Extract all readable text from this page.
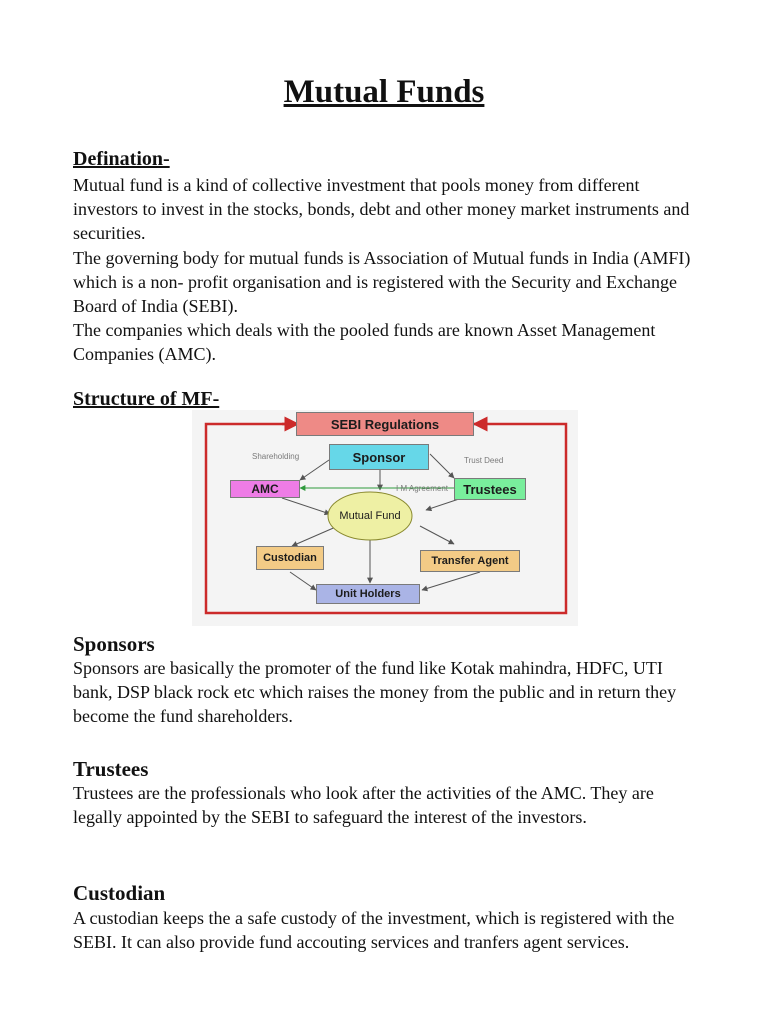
Mutual Funds
Defination-

Mutual fund is a kind of collective investment that pools money from different investors to invest in the stocks, bonds, debt and other money market instruments and securities.
The governing body for mutual funds is Association of Mutual funds in India (AMFI) which is a non- profit organisation and is registered with the Security and Exchange Board of India (SEBI).
The companies which deals with the pooled funds are known Asset Management Companies (AMC).

Structure of MF-
SEBI Regulations
Sponsor
AMC	Trustees
Mutual Fund
Custodian	Transfer Agent
Unit Holders
Shareholding	Trust Deed
I M Agreement
Sponsors

Sponsors are basically the promoter of the fund like Kotak mahindra, HDFC, UTI bank, DSP black rock etc which raises the money from the public and in return they become the fund shareholders.

Trustees

Trustees are the professionals who look after the activities of the AMC. They are legally appointed by the SEBI to safeguard the interest of the investors.

Custodian

A custodian keeps the a safe custody of the investment, which is registered with the SEBI. It can also provide fund accouting services and tranfers agent services.
